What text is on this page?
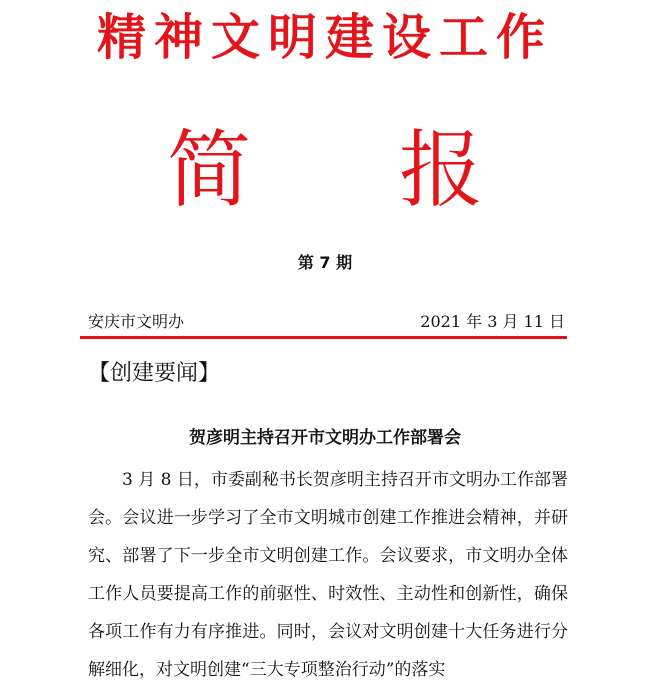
精神文明建设工作
简 报
第 7 期
安庆市文明办	2021 年 3 月 11 日
【创建要闻】
贺彦明主持召开市文明办工作部署会

3 月 8 日，市委副秘书长贺彦明主持召开市文明办工作部署会。会议进一步学习了全市文明城市创建工作推进会精神，并研究、部署了下一步全市文明创建工作。会议要求，市文明办全体工作人员要提高工作的前驱性、时效性、主动性和创新性，确保各项工作有力有序推进。同时，会议对文明创建十大任务进行分解细化，对文明创建“三大专项整治行动”的落实
